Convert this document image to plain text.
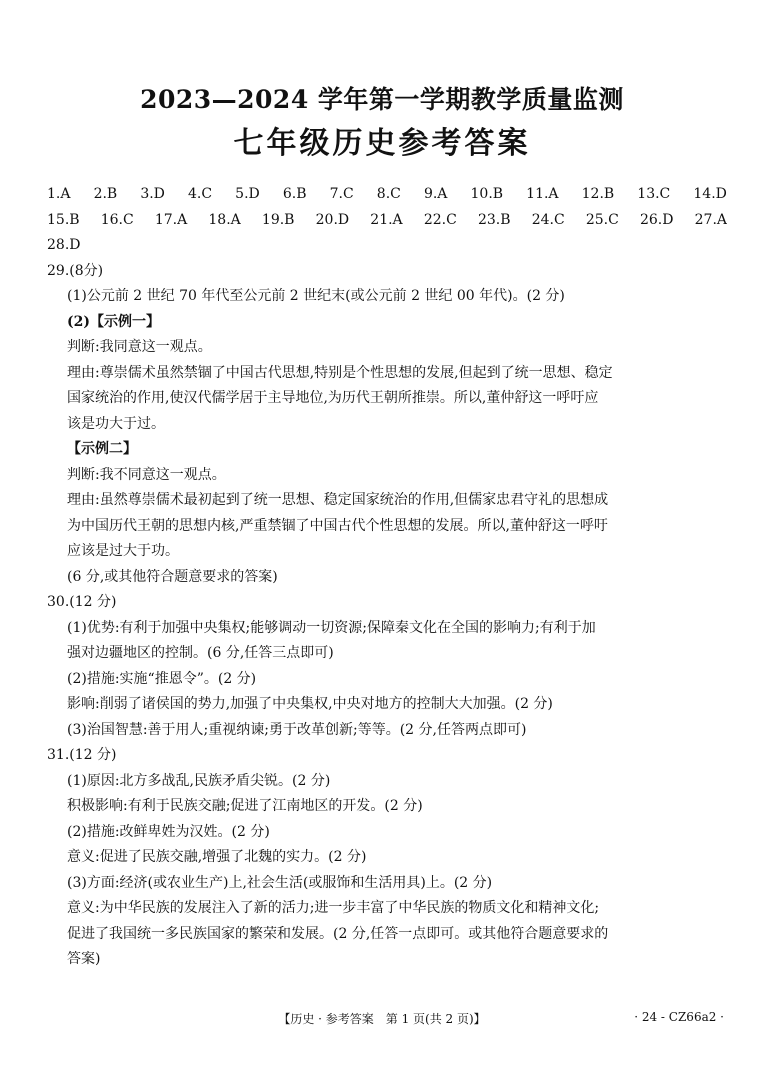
2023—2024 学年第一学期教学质量监测
七年级历史参考答案
1.A 2.B 3.D 4.C 5.D 6.B 7.C 8.C 9.A 10.B 11.A 12.B 13.C 14.D
15.B 16.C 17.A 18.A 19.B 20.D 21.A 22.C 23.B 24.C 25.C 26.D 27.A
28.D
29.(8分)
(1)公元前 2 世纪 70 年代至公元前 2 世纪末(或公元前 2 世纪 00 年代)。(2 分)
(2)【示例一】
判断:我同意这一观点。
理由:尊崇儒术虽然禁锢了中国古代思想,特别是个性思想的发展,但起到了统一思想、稳定
国家统治的作用,使汉代儒学居于主导地位,为历代王朝所推崇。所以,董仲舒这一呼吁应
该是功大于过。
【示例二】
判断:我不同意这一观点。
理由:虽然尊崇儒术最初起到了统一思想、稳定国家统治的作用,但儒家忠君守礼的思想成
为中国历代王朝的思想内核,严重禁锢了中国古代个性思想的发展。所以,董仲舒这一呼吁
应该是过大于功。
(6 分,或其他符合题意要求的答案)
30.(12 分)
(1)优势:有利于加强中央集权;能够调动一切资源;保障秦文化在全国的影响力;有利于加
强对边疆地区的控制。(6 分,任答三点即可)
(2)措施:实施“推恩令”。(2 分)
影响:削弱了诸侯国的势力,加强了中央集权,中央对地方的控制大大加强。(2 分)
(3)治国智慧:善于用人;重视纳谏;勇于改革创新;等等。(2 分,任答两点即可)
31.(12 分)
(1)原因:北方多战乱,民族矛盾尖锐。(2 分)
积极影响:有利于民族交融;促进了江南地区的开发。(2 分)
(2)措施:改鲜卑姓为汉姓。(2 分)
意义:促进了民族交融,增强了北魏的实力。(2 分)
(3)方面:经济(或农业生产)上,社会生活(或服饰和生活用具)上。(2 分)
意义:为中华民族的发展注入了新的活力;进一步丰富了中华民族的物质文化和精神文化;
促进了我国统一多民族国家的繁荣和发展。(2 分,任答一点即可。或其他符合题意要求的
答案)
【历史 · 参考答案　第 1 页(共 2 页)】	· 24 - CZ66a2 ·
